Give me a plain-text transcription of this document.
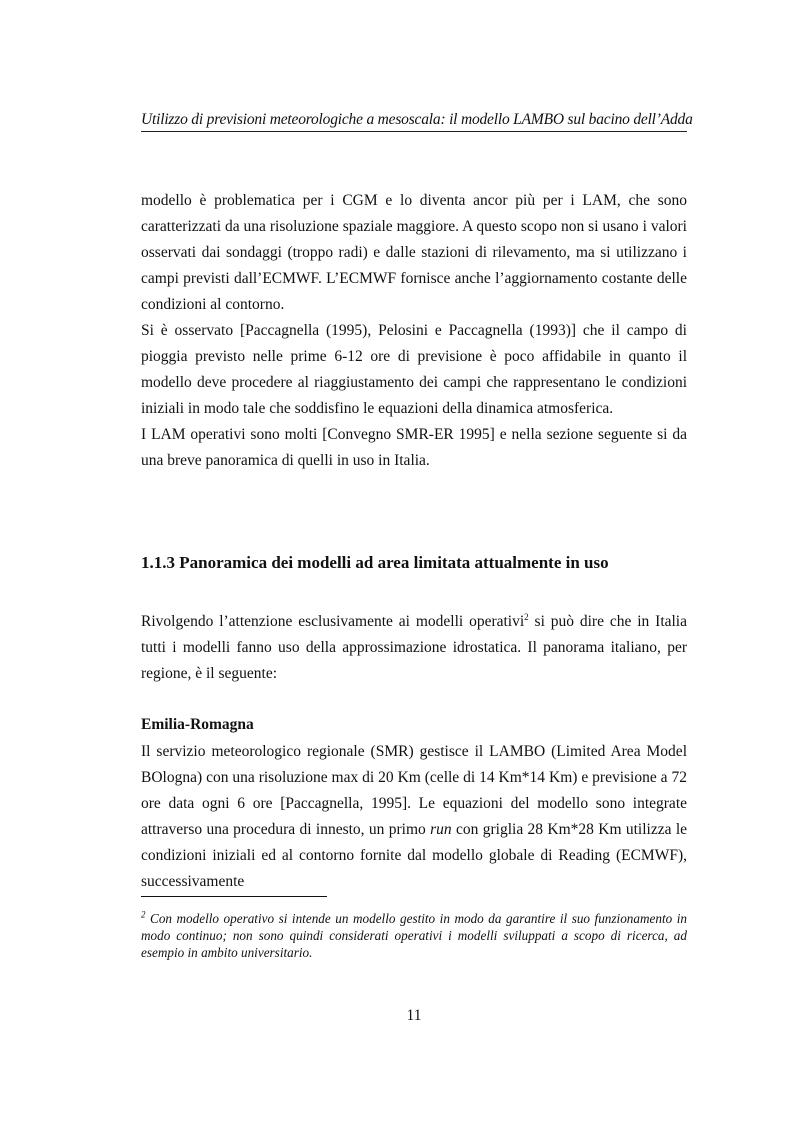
Utilizzo di previsioni meteorologiche a mesoscala: il modello LAMBO sul bacino dell’Adda

modello è problematica per i CGM e lo diventa ancor più per i LAM, che sono caratterizzati da una risoluzione spaziale maggiore. A questo scopo non si usano i valori osservati dai sondaggi (troppo radi) e dalle stazioni di rilevamento, ma si utilizzano i campi previsti dall’ECMWF. L’ECMWF fornisce anche l’aggiornamento costante delle condizioni al contorno.

Si è osservato [Paccagnella (1995), Pelosini e Paccagnella (1993)] che il campo di pioggia previsto nelle prime 6-12 ore di previsione è poco affidabile in quanto il modello deve procedere al riaggiustamento dei campi che rappresentano le condizioni iniziali in modo tale che soddisfino le equazioni della dinamica atmosferica.

I LAM operativi sono molti [Convegno SMR-ER 1995] e nella sezione seguente si da una breve panoramica di quelli in uso in Italia.

1.1.3 Panoramica dei modelli ad area limitata attualmente in uso

Rivolgendo l’attenzione esclusivamente ai modelli operativi$^2$ si può dire che in Italia tutti i modelli fanno uso della approssimazione idrostatica. Il panorama italiano, per regione, è il seguente:

Emilia-Romagna

Il servizio meteorologico regionale (SMR) gestisce il LAMBO (Limited Area Model BOlogna) con una risoluzione max di 20 Km (celle di 14 Km*14 Km) e previsione a 72 ore data ogni 6 ore [Paccagnella, 1995]. Le equazioni del modello sono integrate attraverso una procedura di innesto, un primo run con griglia 28 Km*28 Km utilizza le condizioni iniziali ed al contorno fornite dal modello globale di Reading (ECMWF), successivamente

$^2$ Con modello operativo si intende un modello gestito in modo da garantire il suo funzionamento in modo continuo; non sono quindi considerati operativi i modelli sviluppati a scopo di ricerca, ad esempio in ambito universitario.
11
